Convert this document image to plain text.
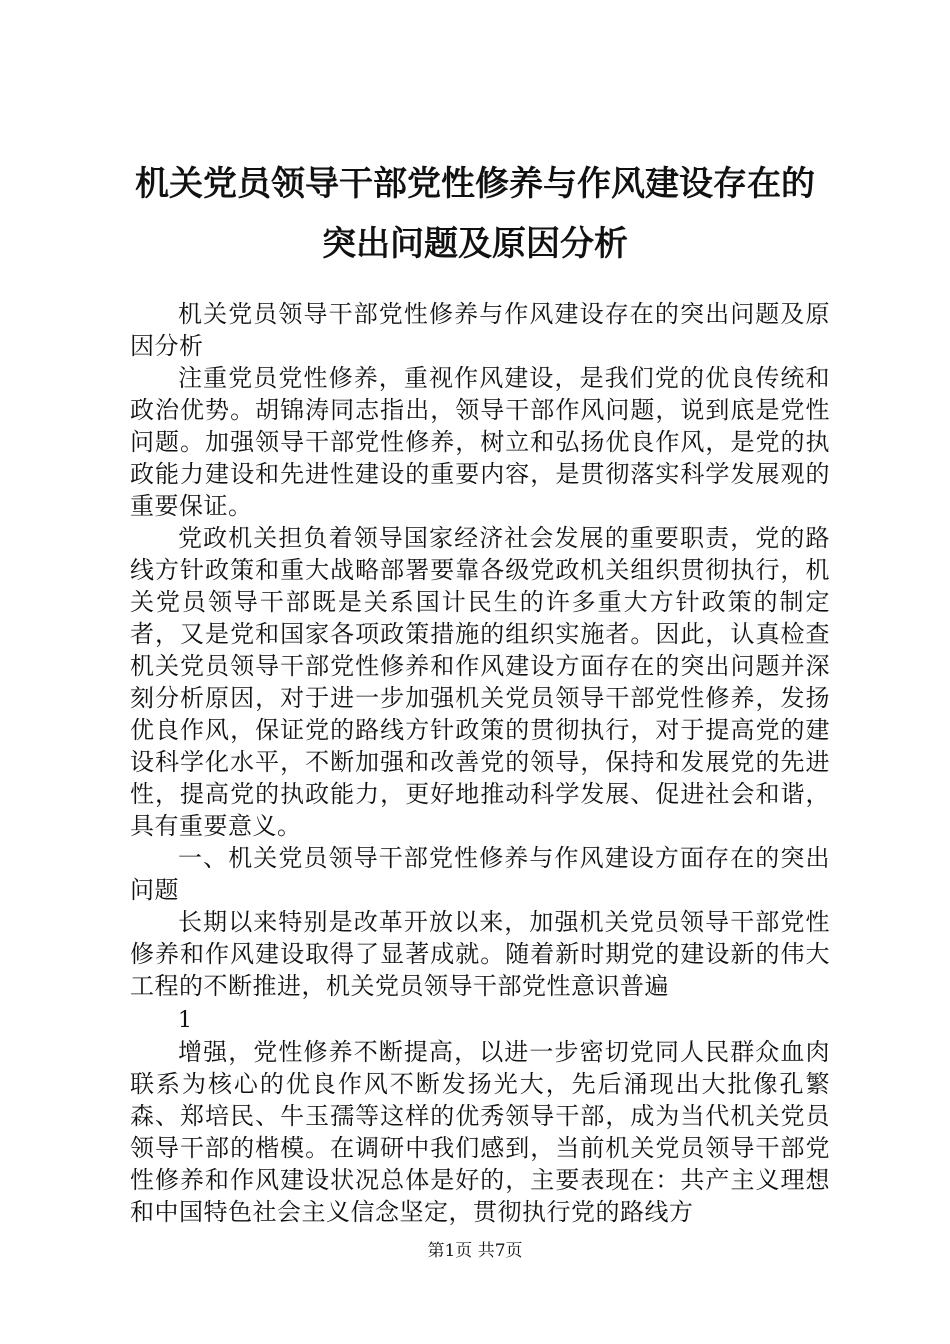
机关党员领导干部党性修养与作风建设存在的
突出问题及原因分析

机关党员领导干部党性修养与作风建设存在的突出问题及原因分析

注重党员党性修养，重视作风建设，是我们党的优良传统和政治优势。胡锦涛同志指出，领导干部作风问题，说到底是党性问题。加强领导干部党性修养，树立和弘扬优良作风，是党的执政能力建设和先进性建设的重要内容，是贯彻落实科学发展观的重要保证。

党政机关担负着领导国家经济社会发展的重要职责，党的路线方针政策和重大战略部署要靠各级党政机关组织贯彻执行，机关党员领导干部既是关系国计民生的许多重大方针政策的制定者，又是党和国家各项政策措施的组织实施者。因此，认真检查机关党员领导干部党性修养和作风建设方面存在的突出问题并深刻分析原因，对于进一步加强机关党员领导干部党性修养，发扬优良作风，保证党的路线方针政策的贯彻执行，对于提高党的建设科学化水平，不断加强和改善党的领导，保持和发展党的先进性，提高党的执政能力，更好地推动科学发展、促进社会和谐，具有重要意义。

一、机关党员领导干部党性修养与作风建设方面存在的突出问题

长期以来特别是改革开放以来，加强机关党员领导干部党性修养和作风建设取得了显著成就。随着新时期党的建设新的伟大工程的不断推进，机关党员领导干部党性意识普遍

1

增强，党性修养不断提高，以进一步密切党同人民群众血肉联系为核心的优良作风不断发扬光大，先后涌现出大批像孔繁森、郑培民、牛玉孺等这样的优秀领导干部，成为当代机关党员领导干部的楷模。在调研中我们感到，当前机关党员领导干部党性修养和作风建设状况总体是好的，主要表现在：共产主义理想和中国特色社会主义信念坚定，贯彻执行党的路线方

第1页 共7页
